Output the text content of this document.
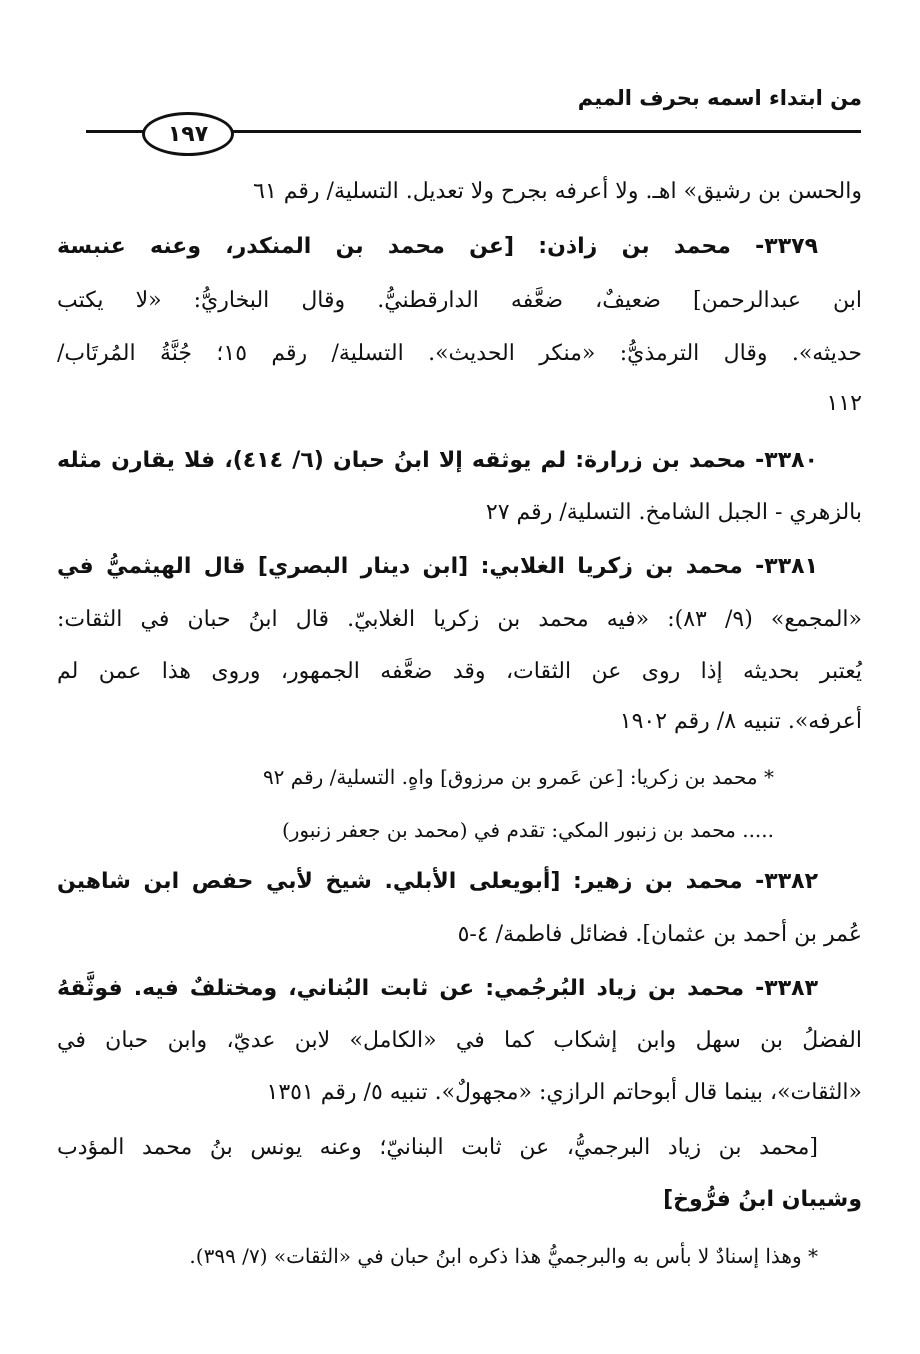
من ابتداء اسمه بحرف الميم
١٩٧
والحسن بن رشيق» اهـ. ولا أعرفه بجرح ولا تعديل. التسلية/ رقم ٦١
٣٣٧٩- محمد بن زاذن: [عن محمد بن المنكدر، وعنه عنبسة
ابن عبدالرحمن] ضعيفٌ، ضعَّفه الدارقطنيُّ. وقال البخاريُّ: «لا يكتب
حديثه». وقال الترمذيُّ: «منكر الحديث». التسلية/ رقم ١٥؛ جُنَّةُ المُرتَاب/
١١٢
٣٣٨٠- محمد بن زرارة: لم يوثقه إلا ابنُ حبان (٦/ ٤١٤)، فلا يقارن مثله
بالزهري - الجبل الشامخ. التسلية/ رقم ٢٧
٣٣٨١- محمد بن زكريا الغلابي: [ابن دينار البصري] قال الهيثميُّ في
«المجمع» (٩/ ٨٣): «فيه محمد بن زكريا الغلابيّ. قال ابنُ حبان في الثقات:
يُعتبر بحديثه إذا روى عن الثقات، وقد ضعَّفه الجمهور، وروى هذا عمن لم
أعرفه». تنبيه ٨/ رقم ١٩٠٢
* محمد بن زكريا: [عن عَمرو بن مرزوق] واهٍ. التسلية/ رقم ٩٢
..... محمد بن زنبور المكي: تقدم في (محمد بن جعفر زنبور)
٣٣٨٢- محمد بن زهير: [أبويعلى الأبلي. شيخ لأبي حفص ابن شاهين
عُمر بن أحمد بن عثمان]. فضائل فاطمة/ ٤-٥
٣٣٨٣- محمد بن زياد البُرجُمي: عن ثابت البُناني، ومختلفٌ فيه. فوثَّقهُ
الفضلُ بن سهل وابن إشكاب كما في «الكامل» لابن عديّ، وابن حبان في
«الثقات»، بينما قال أبوحاتم الرازي: «مجهولٌ». تنبيه ٥/ رقم ١٣٥١
[محمد بن زياد البرجميُّ، عن ثابت البنانيّ؛ وعنه يونس بنُ محمد المؤدب
وشيبان ابنُ فرُّوخ]
* وهذا إسنادٌ لا بأس به والبرجميُّ هذا ذكره ابنُ حبان في «الثقات» (٧/ ٣٩٩).
